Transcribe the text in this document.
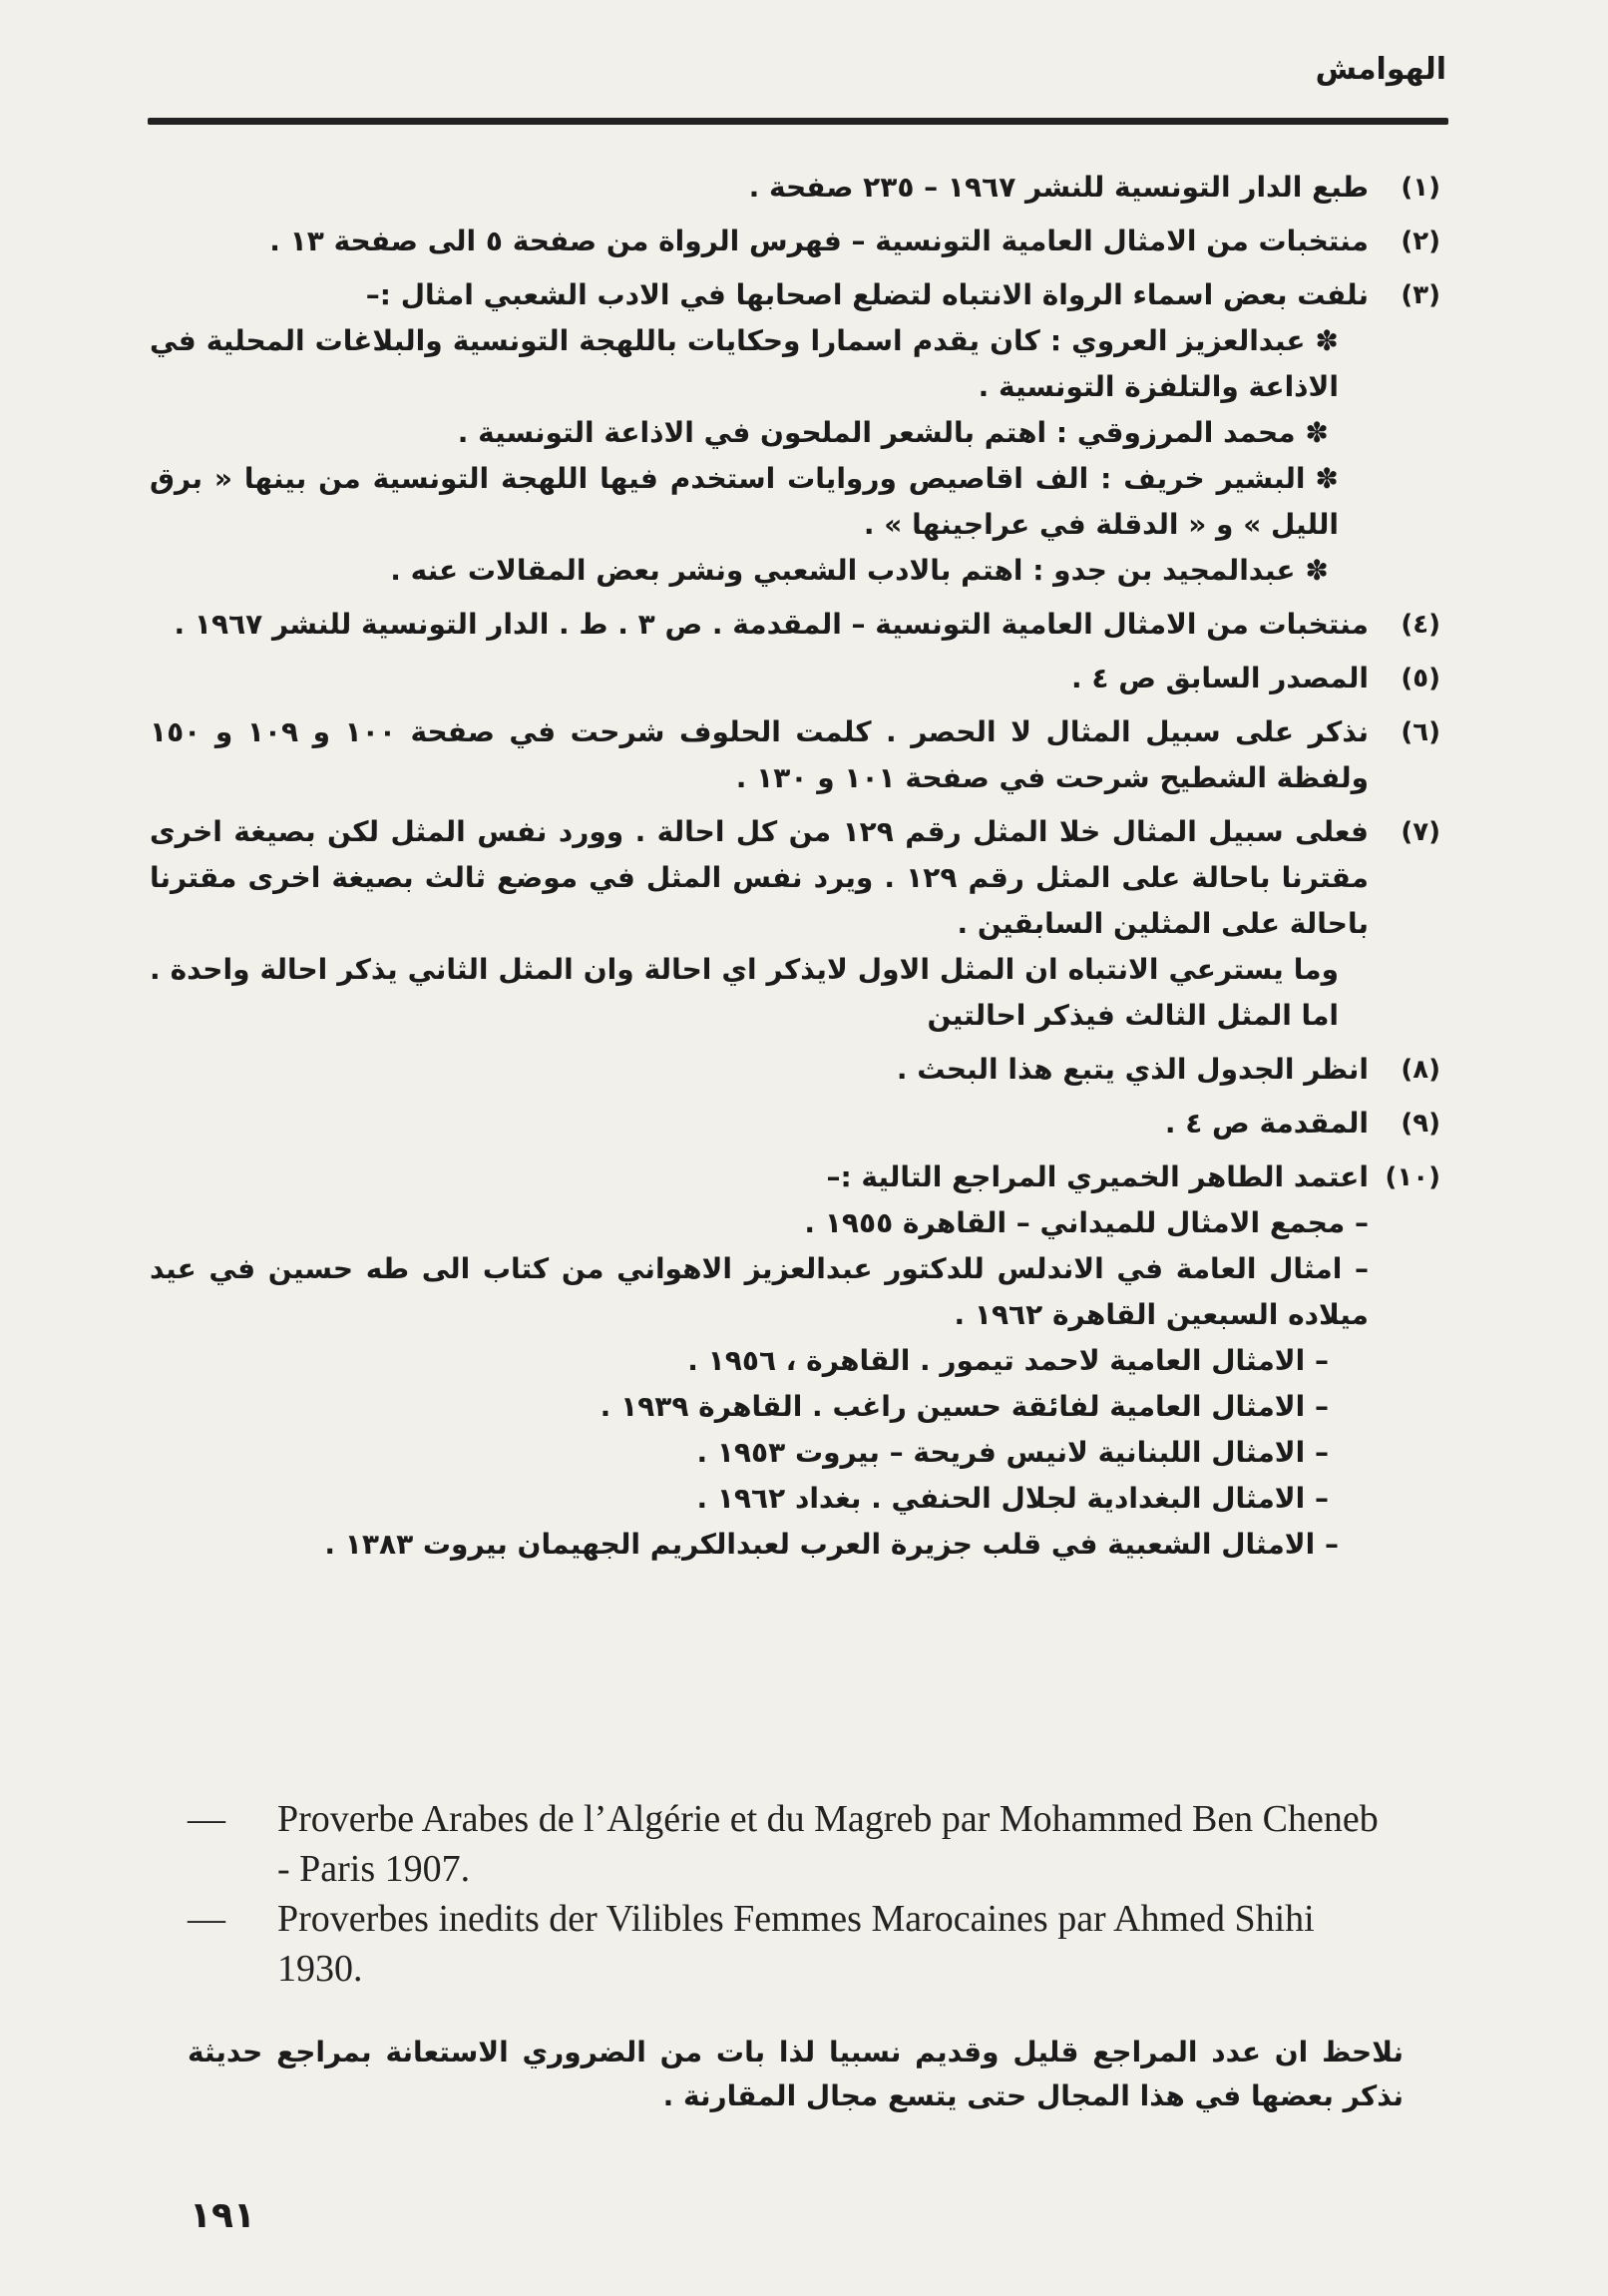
الهوامش
(١)
طبع الدار التونسية للنشر ١٩٦٧ – ٢٣٥ صفحة .
(٢)
منتخبات من الامثال العامية التونسية – فهرس الرواة من صفحة ٥ الى صفحة ١٣ .
(٣)
نلفت بعض اسماء الرواة الانتباه لتضلع اصحابها في الادب الشعبي امثال :–
✽عبدالعزيز العروي : كان يقدم اسمارا وحكايات باللهجة التونسية والبلاغات المحلية في الاذاعة والتلفزة التونسية .
✽محمد المرزوقي : اهتم بالشعر الملحون في الاذاعة التونسية .
✽البشير خريف : الف اقاصيص وروايات استخدم فيها اللهجة التونسية من بينها « برق الليل » و « الدقلة في عراجينها » .
✽عبدالمجيد بن جدو : اهتم بالادب الشعبي ونشر بعض المقالات عنه .
(٤)
منتخبات من الامثال العامية التونسية – المقدمة . ص ٣ . ط . الدار التونسية للنشر ١٩٦٧ .
(٥)
المصدر السابق ص ٤ .
(٦)
نذكر على سبيل المثال لا الحصر . كلمت الحلوف شرحت في صفحة ١٠٠ و ١٠٩ و ١٥٠ ولفظة الشطيح شرحت في صفحة ١٠١ و ١٣٠ .
(٧)
فعلى سبيل المثال خلا المثل رقم ١٢٩ من كل احالة . وورد نفس المثل لكن بصيغة اخرى مقترنا باحالة على المثل رقم ١٢٩ . ويرد نفس المثل في موضع ثالث بصيغة اخرى مقترنا باحالة على المثلين السابقين .
وما يسترعي الانتباه ان المثل الاول لايذكر اي احالة وان المثل الثاني يذكر احالة واحدة . اما المثل الثالث فيذكر احالتين
(٨)
انظر الجدول الذي يتبع هذا البحث .
(٩)
المقدمة ص ٤ .
(١٠)
اعتمد الطاهر الخميري المراجع التالية :–
– مجمع الامثال للميداني – القاهرة ١٩٥٥ .
– امثال العامة في الاندلس للدكتور عبدالعزيز الاهواني من كتاب الى طه حسين في عيد ميلاده السبعين القاهرة ١٩٦٢ .
– الامثال العامية لاحمد تيمور . القاهرة ، ١٩٥٦ .
– الامثال العامية لفائقة حسين راغب . القاهرة ١٩٣٩ .
– الامثال اللبنانية لانيس فريحة – بيروت ١٩٥٣ .
– الامثال البغدادية لجلال الحنفي . بغداد ١٩٦٢ .
– الامثال الشعبية في قلب جزيرة العرب لعبدالكريم الجهيمان بيروت ١٣٨٣ .
—	Proverbe Arabes de l’Algérie et du Magreb par Mohammed Ben Cheneb - Paris 1907.
—	Proverbes inedits der Vilibles Femmes Marocaines par Ahmed Shihi 1930.
نلاحظ ان عدد المراجع قليل وقديم نسبيا لذا بات من الضروري الاستعانة بمراجع حديثة نذكر بعضها في هذا المجال حتى يتسع مجال المقارنة .
١٩١
